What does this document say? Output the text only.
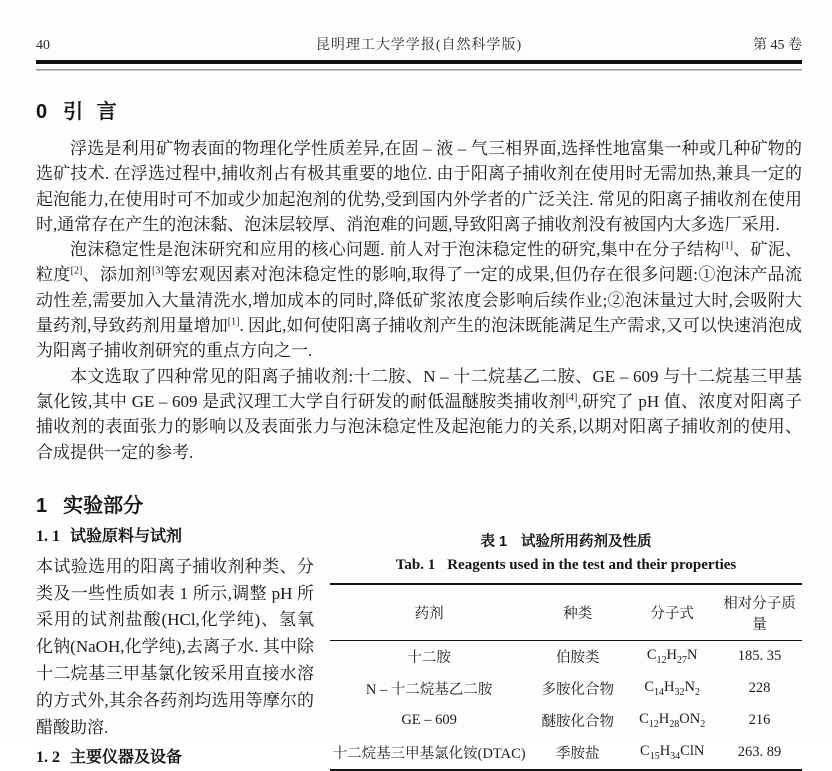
40	昆明理工大学学报(自然科学版)	第 45 卷
0 引 言

浮选是利用矿物表面的物理化学性质差异,在固 – 液 – 气三相界面,选择性地富集一种或几种矿物的选矿技术. 在浮选过程中,捕收剂占有极其重要的地位. 由于阳离子捕收剂在使用时无需加热,兼具一定的起泡能力,在使用时可不加或少加起泡剂的优势,受到国内外学者的广泛关注. 常见的阳离子捕收剂在使用时,通常存在产生的泡沫黏、泡沫层较厚、消泡难的问题,导致阳离子捕收剂没有被国内大多选厂采用.

泡沫稳定性是泡沫研究和应用的核心问题. 前人对于泡沫稳定性的研究,集中在分子结构[1]、矿泥、粒度[2]、添加剂[3]等宏观因素对泡沫稳定性的影响,取得了一定的成果,但仍存在很多问题:①泡沫产品流动性差,需要加入大量清洗水,增加成本的同时,降低矿浆浓度会影响后续作业;②泡沫量过大时,会吸附大量药剂,导致药剂用量增加[1]. 因此,如何使阳离子捕收剂产生的泡沫既能满足生产需求,又可以快速消泡成为阳离子捕收剂研究的重点方向之一.

本文选取了四种常见的阳离子捕收剂:十二胺、N – 十二烷基乙二胺、GE – 609 与十二烷基三甲基氯化铵,其中 GE – 609 是武汉理工大学自行研发的耐低温醚胺类捕收剂[4],研究了 pH 值、浓度对阳离子捕收剂的表面张力的影响以及表面张力与泡沫稳定性及起泡能力的关系,以期对阳离子捕收剂的使用、合成提供一定的参考.

1 实验部分
1. 1 试验原料与试剂

本试验选用的阳离子捕收剂种类、分类及一些性质如表 1 所示,调整 pH 所采用的试剂盐酸(HCl,化学纯)、氢氧化钠(NaOH,化学纯),去离子水. 其中除十二烷基三甲基氯化铵采用直接水溶的方式外,其余各药剂均选用等摩尔的醋酸助溶.

1. 2 主要仪器及设备
表 1 试验所用药剂及性质
Tab. 1 Reagents used in the test and their properties
药剂	种类	分子式	相对分子质量
十二胺	伯胺类	$C_{12}H_{27}N$	185. 35
N – 十二烷基乙二胺	多胺化合物	$C_{14}H_{32}N_2$	228
GE – 609	醚胺化合物	$C_{12}H_{28}ON_2$	216
十二烷基三甲基氯化铵(DTAC)	季胺盐	$C_{15}H_{34}ClN$	263. 89
